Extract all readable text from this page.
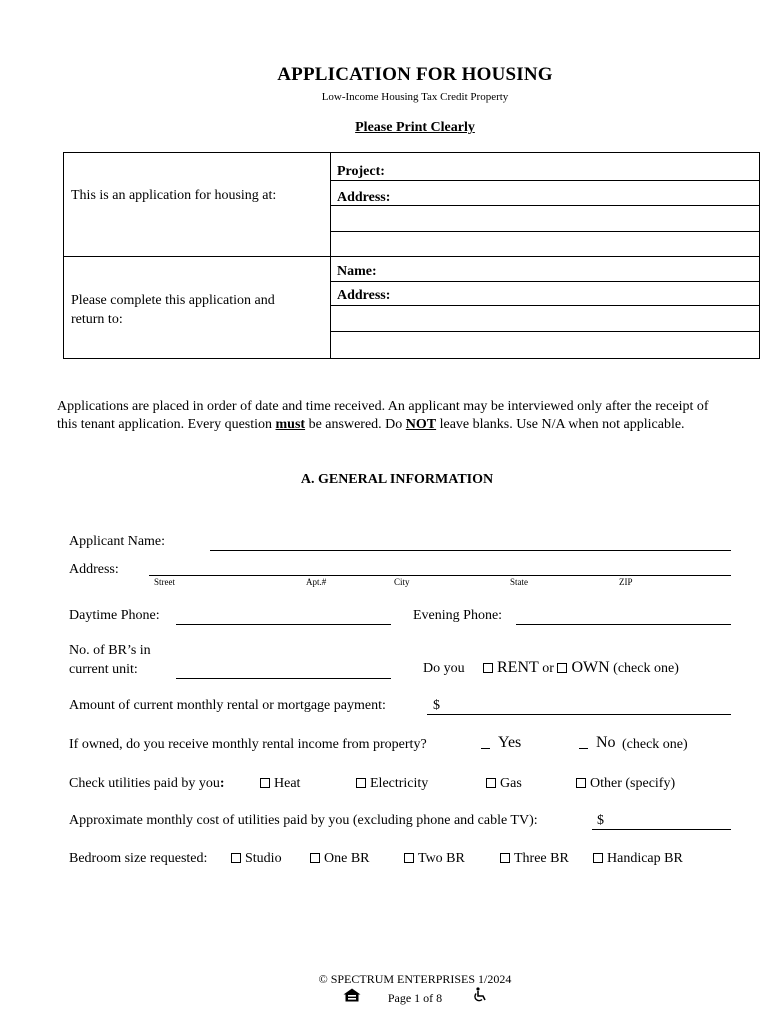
APPLICATION FOR HOUSING
Low-Income Housing Tax Credit Property
Please Print Clearly
This is an application for housing at:
Project:
Address:
Please complete this application and return to:
Name:
Address:
Applications are placed in order of date and time received. An applicant may be interviewed only after the receipt of this tenant application. Every question must be answered. Do NOT leave blanks. Use N/A when not applicable.
A. GENERAL INFORMATION
Applicant Name:
Address:
Street	Apt.#	City	State	ZIP
Daytime Phone:	Evening Phone:
No. of BR’s in
current unit:	Do you	RENT or OWN (check one)
Amount of current monthly rental or mortgage payment:	$
If owned, do you receive monthly rental income from property?	Yes	No (check one)
Check utilities paid by you:	Heat	Electricity	Gas	Other (specify)
Approximate monthly cost of utilities paid by you (excluding phone and cable TV):	$
Bedroom size requested:	Studio	One BR	Two BR	Three BR	Handicap BR
© SPECTRUM ENTERPRISES 1/2024
Page 1 of 8
